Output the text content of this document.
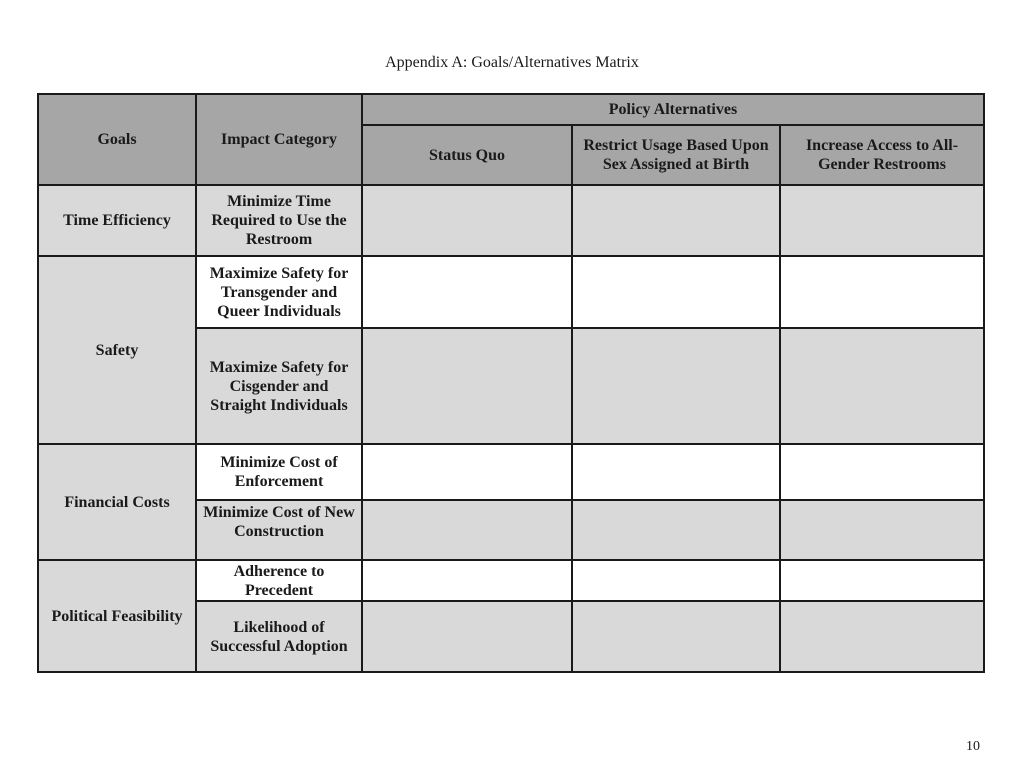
Appendix A: Goals/Alternatives Matrix
Goals	Impact Category	Policy Alternatives		
		Status Quo	Restrict Usage Based Upon Sex Assigned at Birth	Increase Access to All-Gender Restrooms
Time Efficiency	Minimize Time Required to Use the Restroom			
Safety	Maximize Safety for Transgender and Queer Individuals			
	Maximize Safety for Cisgender and Straight Individuals			
Financial Costs	Minimize Cost of Enforcement			
	Minimize Cost of New Construction			
Political Feasibility	Adherence to Precedent			
	Likelihood of Successful Adoption			
10
